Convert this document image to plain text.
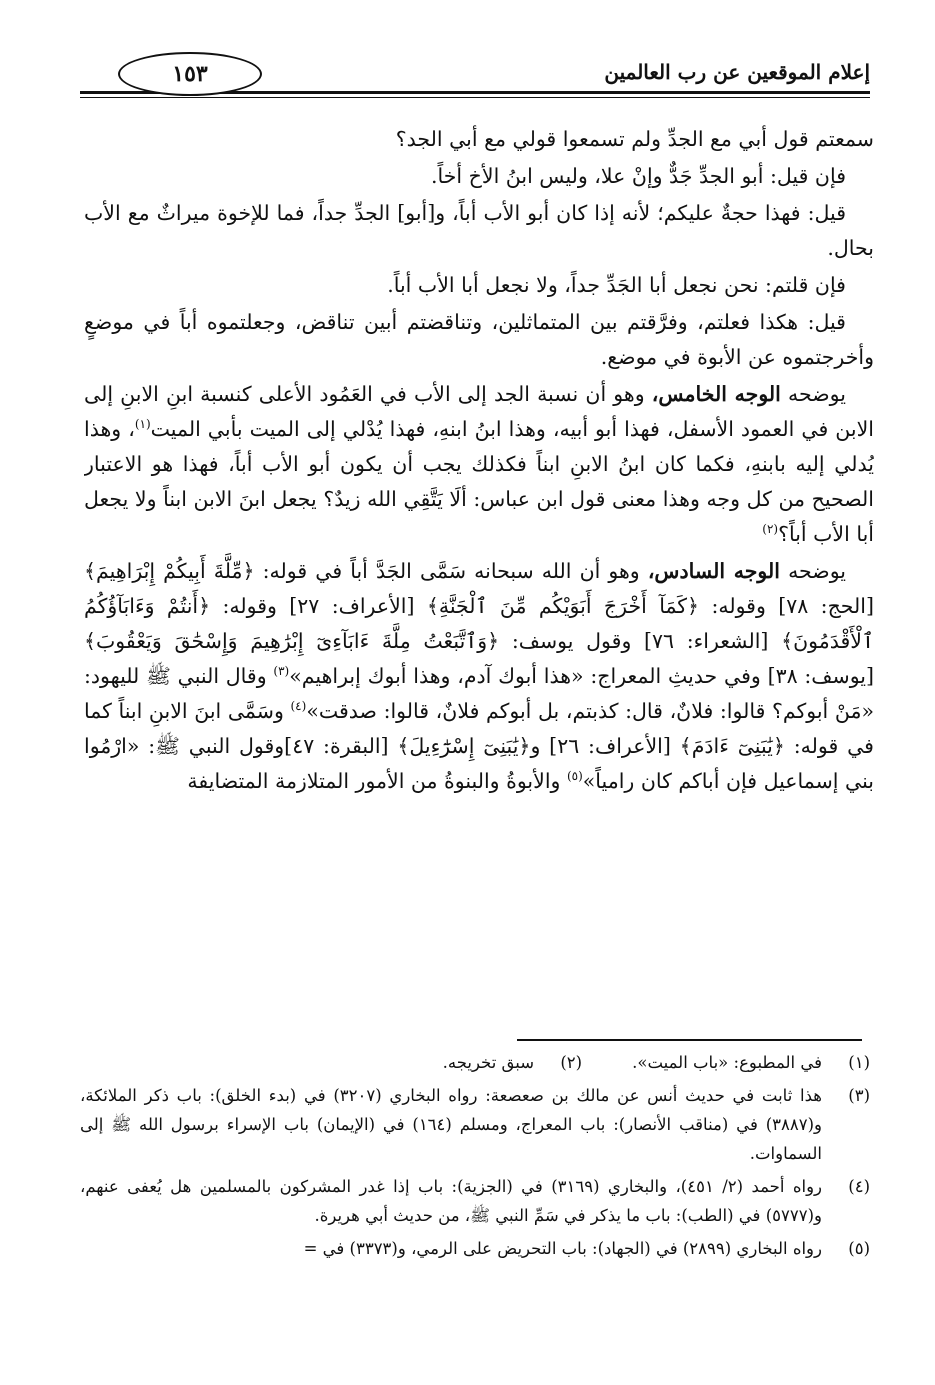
إعلام الموقعين عن رب العالمين
١٥٣

سمعتم قول أبي مع الجدِّ ولم تسمعوا قولي مع أبي الجد؟

فإن قيل: أبو الجدِّ جَدٌّ وإنْ علا، وليس ابنُ الأخ أخاً.

قيل: فهذا حجةٌ عليكم؛ لأنه إذا كان أبو الأب أباً، و[أبو] الجدِّ جداً، فما للإخوة ميراثٌ مع الأب بحال.

فإن قلتم: نحن نجعل أبا الجَدِّ جداً، ولا نجعل أبا الأب أباً.

قيل: هكذا فعلتم، وفرَّقتم بين المتماثلين، وتناقضتم أبين تناقض، وجعلتموه أباً في موضعٍ وأخرجتموه عن الأبوة في موضع.

يوضحه الوجه الخامس، وهو أن نسبة الجد إلى الأب في العَمُود الأعلى كنسبة ابنِ الابنِ إلى الابن في العمود الأسفل، فهذا أبو أبيه، وهذا ابنُ ابنهِ، فهذا يُدْلي إلى الميت بأبي الميت$^{(١)}$، وهذا يُدلي إليه بابنهِ، فكما كان ابنُ الابنِ ابناً فكذلك يجب أن يكون أبو الأب أباً، فهذا هو الاعتبار الصحيح من كل وجه وهذا معنى قول ابن عباس: ألَا يَتَّقِي الله زيدٌ؟ يجعل ابنَ الابن ابناً ولا يجعل أبا الأب أباً؟$^{(٢)}$

يوضحه الوجه السادس، وهو أن الله سبحانه سَمَّى الجَدَّ أباً في قوله: ﴿مِّلَّةَ أَبِيكُمْ إِبْرَاهِيمَ﴾ [الحج: ٧٨] وقوله: ﴿كَمَآ أَخْرَجَ أَبَوَيْكُم مِّنَ ٱلْجَنَّةِ﴾ [الأعراف: ٢٧] وقوله: ﴿أَنتُمْ وَءَابَآؤُكُمُ ٱلْأَقْدَمُونَ﴾ [الشعراء: ٧٦] وقول يوسف: ﴿وَٱتَّبَعْتُ مِلَّةَ ءَابَآءِىٓ إِبْرَٰهِيمَ وَإِسْحَٰقَ وَيَعْقُوبَ﴾ [يوسف: ٣٨] وفي حديثِ المعراج: «هذا أبوك آدم، وهذا أبوك إبراهيم»$^{(٣)}$ وقال النبي ﷺ لليهود: «مَنْ أبوكم؟ قالوا: فلانٌ، قال: كذبتم، بل أبوكم فلانٌ، قالوا: صدقت»$^{(٤)}$ وسَمَّى ابنَ الابنِ ابناً كما في قوله: ﴿يَٰبَنِىٓ ءَادَمَ﴾ [الأعراف: ٢٦] و﴿يَٰبَنِىٓ إِسْرَٰٓءِيلَ﴾ [البقرة: ٤٧]وقول النبي ﷺ: «ارْمُوا بني إسماعيل فإن أباكم كان رامياً»$^{(٥)}$ والأبوةُ والبنوةُ من الأمور المتلازمة المتضايفة

(١)
في المطبوع: «باب الميت».
(٢)
سبق تخريجه.
(٣)
هذا ثابت في حديث أنس عن مالك بن صعصعة: رواه البخاري (٣٢٠٧) في (بدء الخلق): باب ذكر الملائكة، و(٣٨٨٧) في (مناقب الأنصار): باب المعراج، ومسلم (١٦٤) في (الإيمان) باب الإسراء برسول الله ﷺ إلى السماوات.
(٤)
رواه أحمد (٢/ ٤٥١)، والبخاري (٣١٦٩) في (الجزية): باب إذا غدر المشركون بالمسلمين هل يُعفى عنهم، و(٥٧٧٧) في (الطب): باب ما يذكر في سَمِّ النبي ﷺ، من حديث أبي هريرة.
(٥)
رواه البخاري (٢٨٩٩) في (الجهاد): باب التحريض على الرمي، و(٣٣٧٣) في =
